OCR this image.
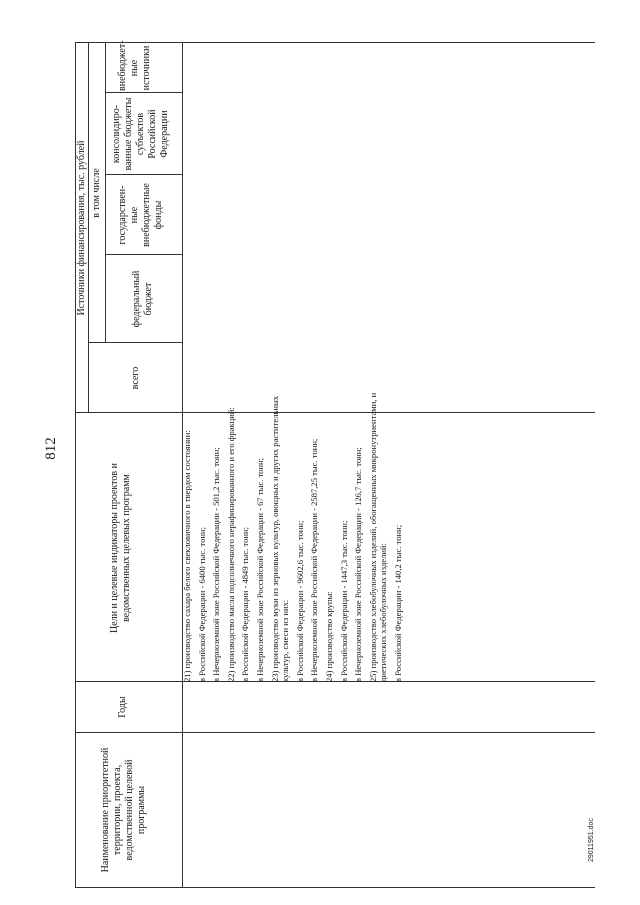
812
29011951.doc
Наименование приоритетной территории, проекта, ведомственной целевой программы
Годы
Цели и целевые индикаторы проектов и ведомственных целевых программ
Источники финансирования, тыс. рублей
всего
в том числе
федеральный бюджет
государствен-ные внебюджетные фонды
консолидиро-ванные бюджеты субъектов Российской Федерации
внебюджет-ные источники

21) производство сахара белого свекловичного в твердом состоянии: в Российской Федерации - 6400 тыс. тонн; в Нечерноземной зоне Российской Федерации - 501,2 тыс. тонн; 22) производство масла подсолнечного нерафинированного и его фракций: в Российской Федерации - 4849 тыс. тонн; в Нечерноземной зоне Российской Федерации - 67 тыс. тонн; 23) производство муки из зерновых культур, овощных и других растительных культур, смеси из них: в Российской Федерации - 9602,6 тыс. тонн; в Нечерноземной зоне Российской Федерации - 2587,25 тыс. тонн; 24) производство крупы: в Российской Федерации - 1447,3 тыс. тонн; в Нечерноземной зоне Российской Федерации - 126,7 тыс. тонн; 25) производство хлебобулочных изделий, обогащенных микронутриентами, и диетических хлебобулочных изделий: в Российской Федерации - 140,2 тыс. тонн;
